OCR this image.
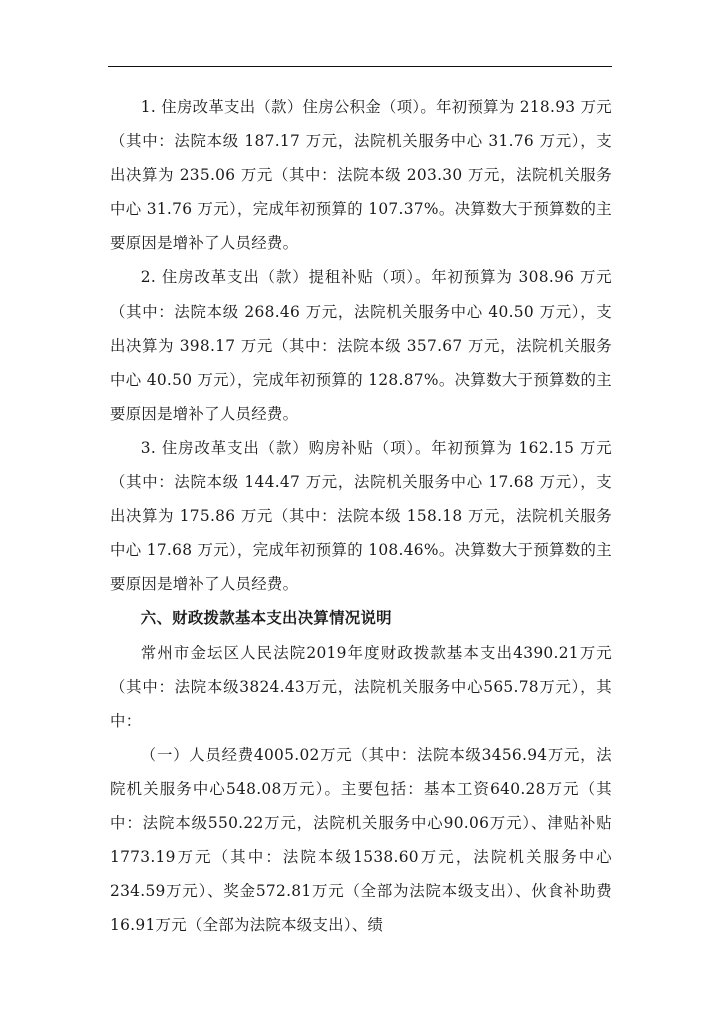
1. 住房改革支出（款）住房公积金（项）。年初预算为 218.93 万元（其中：法院本级 187.17 万元，法院机关服务中心 31.76 万元），支出决算为 235.06 万元（其中：法院本级 203.30 万元，法院机关服务中心 31.76 万元），完成年初预算的 107.37%。决算数大于预算数的主要原因是增补了人员经费。

2. 住房改革支出（款）提租补贴（项）。年初预算为 308.96 万元（其中：法院本级 268.46 万元，法院机关服务中心 40.50 万元），支出决算为 398.17 万元（其中：法院本级 357.67 万元，法院机关服务中心 40.50 万元），完成年初预算的 128.87%。决算数大于预算数的主要原因是增补了人员经费。

3. 住房改革支出（款）购房补贴（项）。年初预算为 162.15 万元（其中：法院本级 144.47 万元，法院机关服务中心 17.68 万元），支出决算为 175.86 万元（其中：法院本级 158.18 万元，法院机关服务中心 17.68 万元），完成年初预算的 108.46%。决算数大于预算数的主要原因是增补了人员经费。

六、财政拨款基本支出决算情况说明

常州市金坛区人民法院2019年度财政拨款基本支出4390.21万元（其中：法院本级3824.43万元，法院机关服务中心565.78万元），其中：

（一）人员经费4005.02万元（其中：法院本级3456.94万元，法院机关服务中心548.08万元）。主要包括：基本工资640.28万元（其中：法院本级550.22万元，法院机关服务中心90.06万元）、津贴补贴1773.19万元（其中：法院本级1538.60万元，法院机关服务中心234.59万元）、奖金572.81万元（全部为法院本级支出）、伙食补助费16.91万元（全部为法院本级支出）、绩
